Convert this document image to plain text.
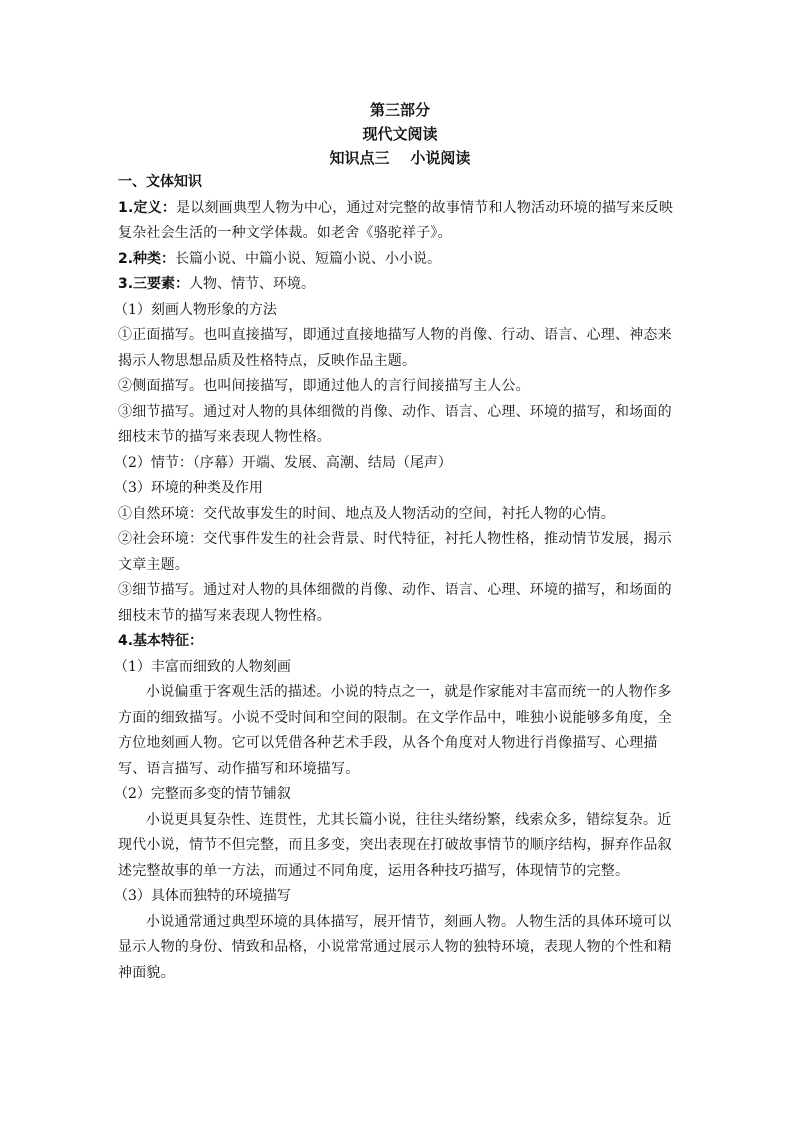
第三部分
现代文阅读
知识点三    小说阅读
一、文体知识
1.定义：是以刻画典型人物为中心，通过对完整的故事情节和人物活动环境的描写来反映复杂社会生活的一种文学体裁。如老舍《骆驼祥子》。
2.种类：长篇小说、中篇小说、短篇小说、小小说。
3.三要素：人物、情节、环境。
（1）刻画人物形象的方法
①正面描写。也叫直接描写，即通过直接地描写人物的肖像、行动、语言、心理、神态来揭示人物思想品质及性格特点，反映作品主题。
②侧面描写。也叫间接描写，即通过他人的言行间接描写主人公。
③细节描写。通过对人物的具体细微的肖像、动作、语言、心理、环境的描写，和场面的细枝末节的描写来表现人物性格。
（2）情节：（序幕）开端、发展、高潮、结局（尾声）
（3）环境的种类及作用
①自然环境：交代故事发生的时间、地点及人物活动的空间，衬托人物的心情。
②社会环境：交代事件发生的社会背景、时代特征，衬托人物性格，推动情节发展，揭示文章主题。
③细节描写。通过对人物的具体细微的肖像、动作、语言、心理、环境的描写，和场面的细枝末节的描写来表现人物性格。
4.基本特征：
（1）丰富而细致的人物刻画
小说偏重于客观生活的描述。小说的特点之一，就是作家能对丰富而统一的人物作多方面的细致描写。小说不受时间和空间的限制。在文学作品中，唯独小说能够多角度，全方位地刻画人物。它可以凭借各种艺术手段，从各个角度对人物进行肖像描写、心理描写、语言描写、动作描写和环境描写。
（2）完整而多变的情节铺叙
小说更具复杂性、连贯性，尤其长篇小说，往往头绪纷繁，线索众多，错综复杂。近现代小说，情节不但完整，而且多变，突出表现在打破故事情节的顺序结构，摒弃作品叙述完整故事的单一方法，而通过不同角度，运用各种技巧描写，体现情节的完整。
（3）具体而独特的环境描写
小说通常通过典型环境的具体描写，展开情节，刻画人物。人物生活的具体环境可以显示人物的身份、情致和品格，小说常常通过展示人物的独特环境，表现人物的个性和精神面貌。
